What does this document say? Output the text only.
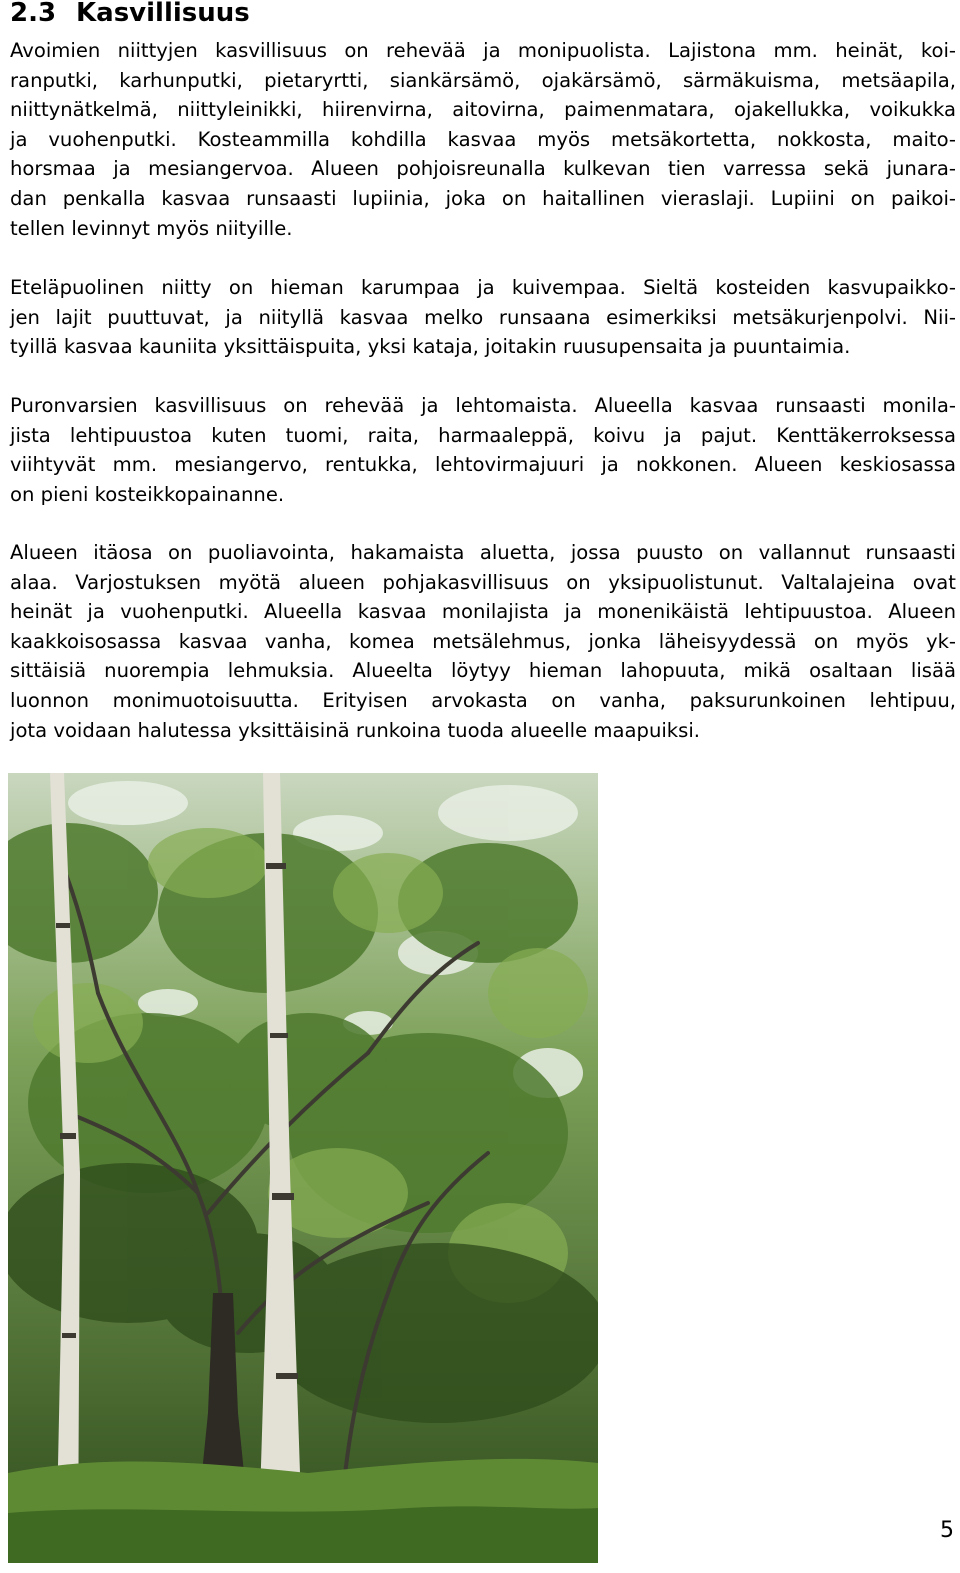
2.3 Kasvillisuus
Avoimien niittyjen kasvillisuus on rehevää ja monipuolista. Lajistona mm. heinät, koi-
ranputki, karhunputki, pietaryrtti, siankärsämö, ojakärsämö, särmäkuisma, metsäapila,
niittynätkelmä, niittyleinikki, hiirenvirna, aitovirna, paimenmatara, ojakellukka, voikukka
ja vuohenputki. Kosteammilla kohdilla kasvaa myös metsäkortetta, nokkosta, maito-
horsmaa ja mesiangervoa. Alueen pohjoisreunalla kulkevan tien varressa sekä junara-
dan penkalla kasvaa runsaasti lupiinia, joka on haitallinen vieraslaji. Lupiini on paikoi-
tellen levinnyt myös niityille.
Eteläpuolinen niitty on hieman karumpaa ja kuivempaa. Sieltä kosteiden kasvupaikko-
jen lajit puuttuvat, ja niityllä kasvaa melko runsaana esimerkiksi metsäkurjenpolvi. Nii-
tyillä kasvaa kauniita yksittäispuita, yksi kataja, joitakin ruusupensaita ja puuntaimia.
Puronvarsien kasvillisuus on rehevää ja lehtomaista. Alueella kasvaa runsaasti monila-
jista lehtipuustoa kuten tuomi, raita, harmaaleppä, koivu ja pajut. Kenttäkerroksessa
viihtyvät mm. mesiangervo, rentukka, lehtovirmajuuri ja nokkonen. Alueen keskiosassa
on pieni kosteikkopainanne.
Alueen itäosa on puoliavointa, hakamaista aluetta, jossa puusto on vallannut runsaasti
alaa. Varjostuksen myötä alueen pohjakasvillisuus on yksipuolistunut. Valtalajeina ovat
heinät ja vuohenputki. Alueella kasvaa monilajista ja monenikäistä lehtipuustoa. Alueen
kaakkoisosassa kasvaa vanha, komea metsälehmus, jonka läheisyydessä on myös yk-
sittäisiä nuorempia lehmuksia. Alueelta löytyy hieman lahopuuta, mikä osaltaan lisää
luonnon monimuotoisuutta. Erityisen arvokasta on vanha, paksurunkoinen lehtipuu,
jota voidaan halutessa yksittäisinä runkoina tuoda alueelle maapuiksi.
5
